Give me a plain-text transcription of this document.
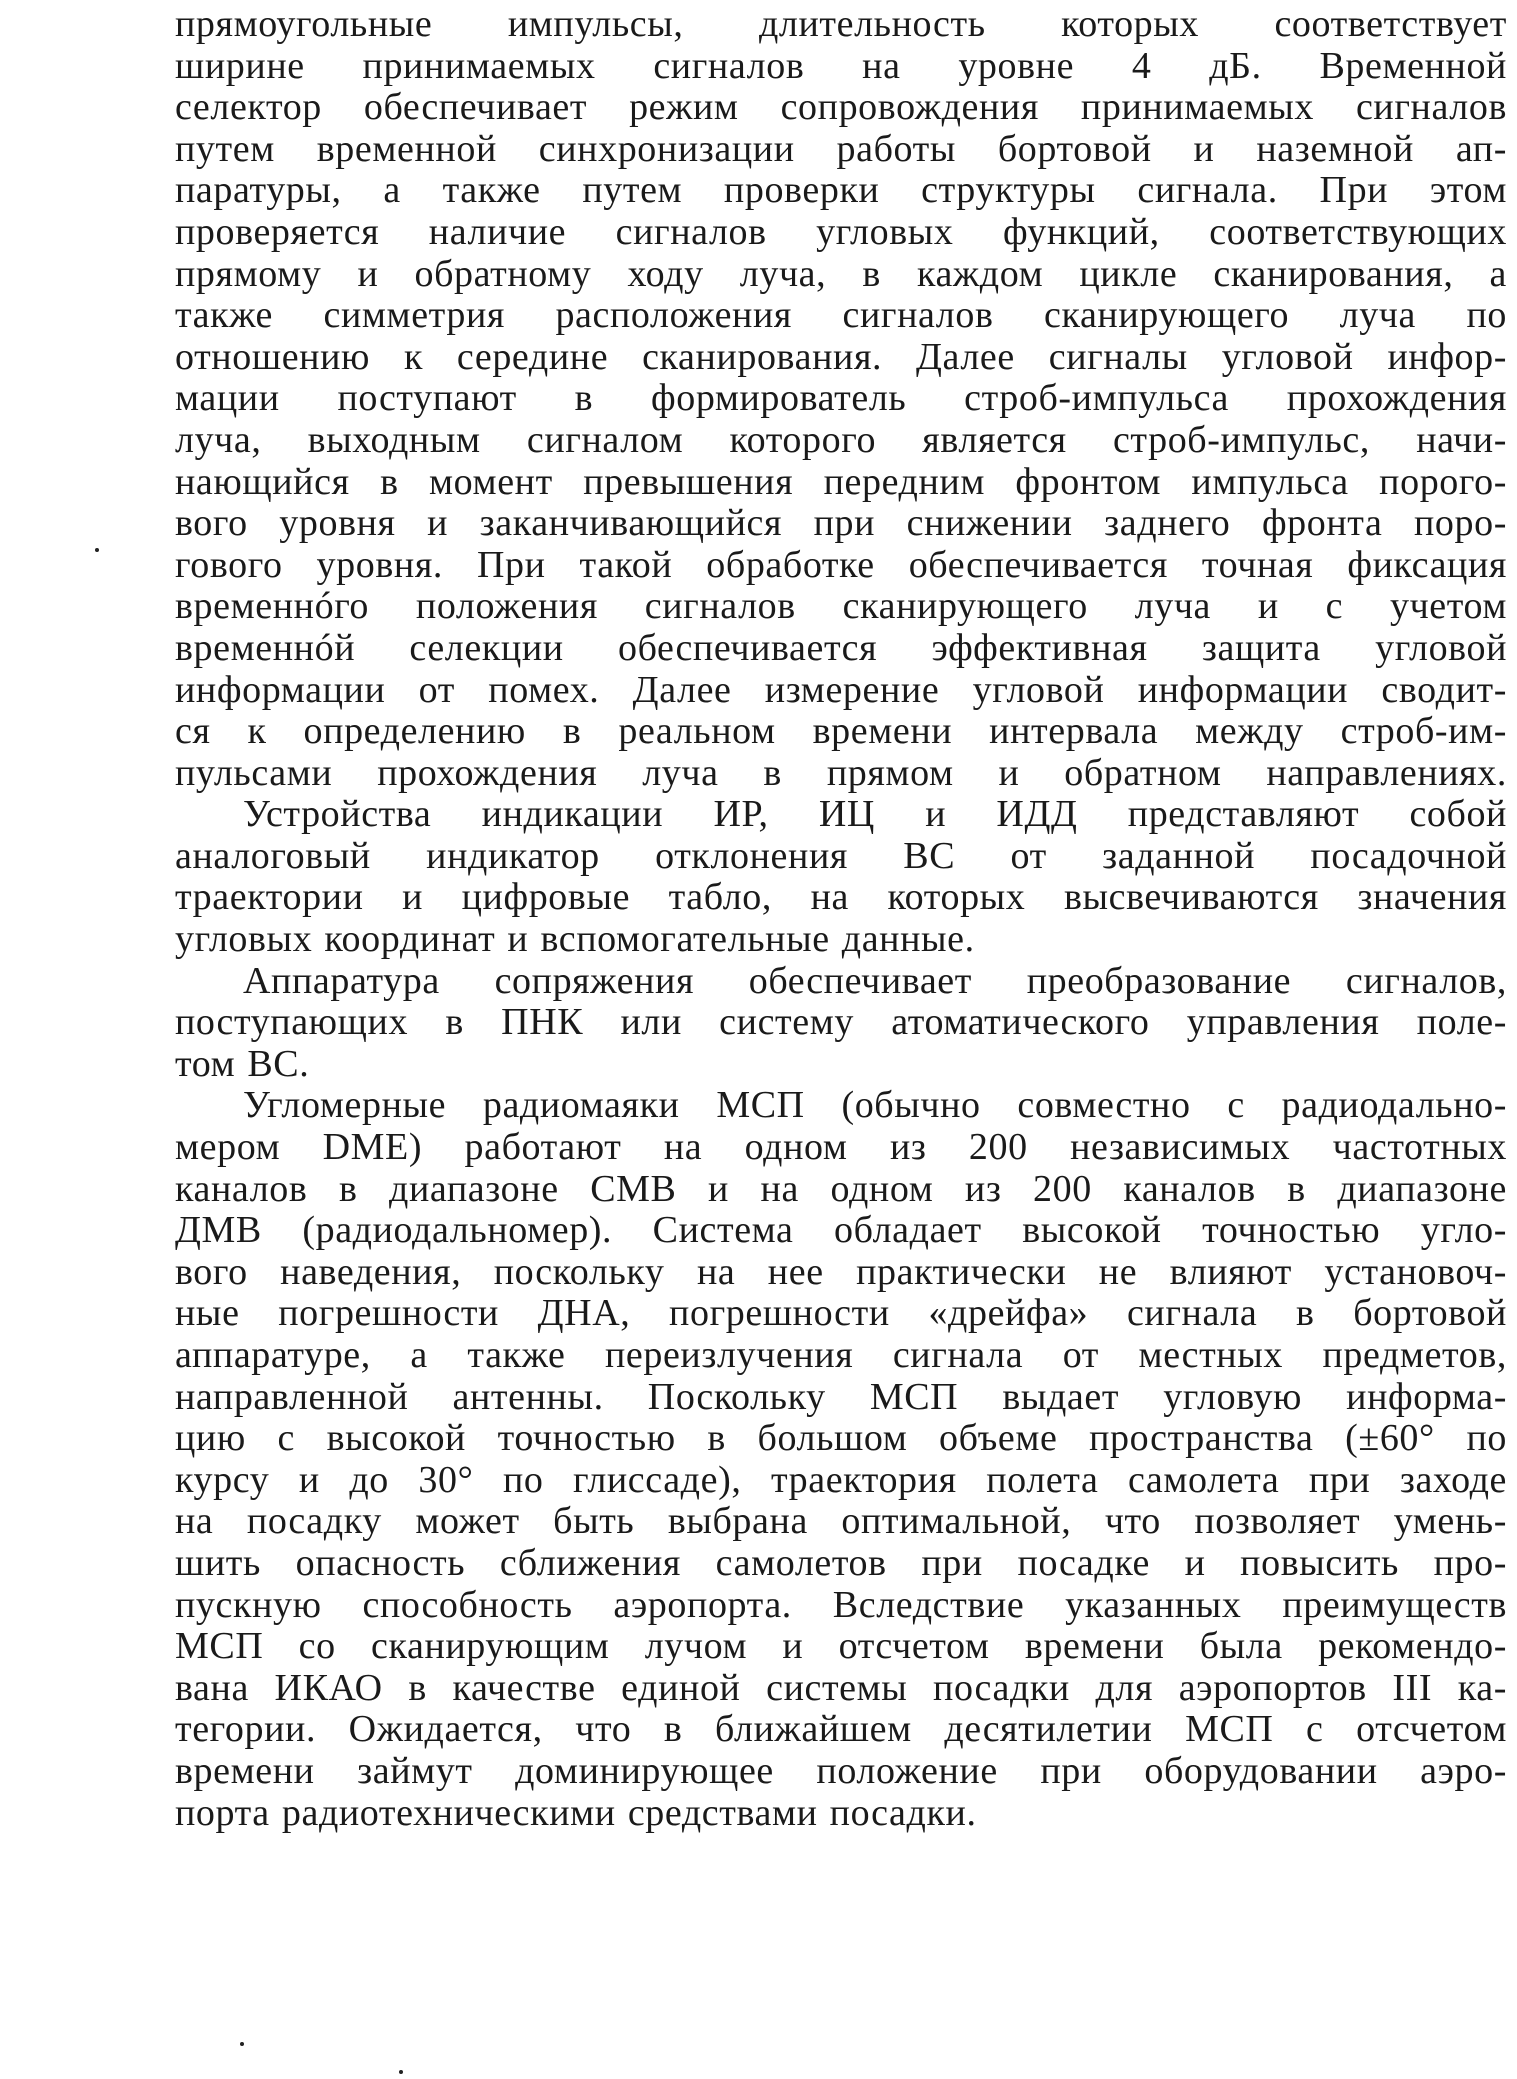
прямоугольные импульсы, длительность которых соответствует
ширине принимаемых сигналов на уровне 4 дБ. Временной
селектор обеспечивает режим сопровождения принимаемых сигналов
путем временной синхронизации работы бортовой и наземной ап-
паратуры, а также путем проверки структуры сигнала. При этом
проверяется наличие сигналов угловых функций, соответствующих
прямому и обратному ходу луча, в каждом цикле сканирования, а
также симметрия расположения сигналов сканирующего луча по
отношению к середине сканирования. Далее сигналы угловой инфор-
мации поступают в формирователь строб-импульса прохождения
луча, выходным сигналом которого является строб-импульс, начи-
нающийся в момент превышения передним фронтом импульса порого-
вого уровня и заканчивающийся при снижении заднего фронта поро-
гового уровня. При такой обработке обеспечивается точная фиксация
временнóго положения сигналов сканирующего луча и с учетом
временнóй селекции обеспечивается эффективная защита угловой
информации от помех. Далее измерение угловой информации сводит-
ся к определению в реальном времени интервала между строб-им-
пульсами прохождения луча в прямом и обратном направлениях.
Устройства индикации ИР, ИЦ и ИДД представляют собой
аналоговый индикатор отклонения ВС от заданной посадочной
траектории и цифровые табло, на которых высвечиваются значения
угловых координат и вспомогательные данные.
Аппаратура сопряжения обеспечивает преобразование сигналов,
поступающих в ПНК или систему атоматического управления поле-
том ВС.
Угломерные радиомаяки МСП (обычно совместно с радиодально-
мером DME) работают на одном из 200 независимых частотных
каналов в диапазоне СМВ и на одном из 200 каналов в диапазоне
ДМВ (радиодальномер). Система обладает высокой точностью угло-
вого наведения, поскольку на нее практически не влияют установоч-
ные погрешности ДНА, погрешности «дрейфа» сигнала в бортовой
аппаратуре, а также переизлучения сигнала от местных предметов,
направленной антенны. Поскольку МСП выдает угловую информа-
цию с высокой точностью в большом объеме пространства (±60° по
курсу и до 30° по глиссаде), траектория полета самолета при заходе
на посадку может быть выбрана оптимальной, что позволяет умень-
шить опасность сближения самолетов при посадке и повысить про-
пускную способность аэропорта. Вследствие указанных преимуществ
МСП со сканирующим лучом и отсчетом времени была рекомендо-
вана ИКАО в качестве единой системы посадки для аэропортов III ка-
тегории. Ожидается, что в ближайшем десятилетии МСП с отсчетом
времени займут доминирующее положение при оборудовании аэро-
порта радиотехническими средствами посадки.
